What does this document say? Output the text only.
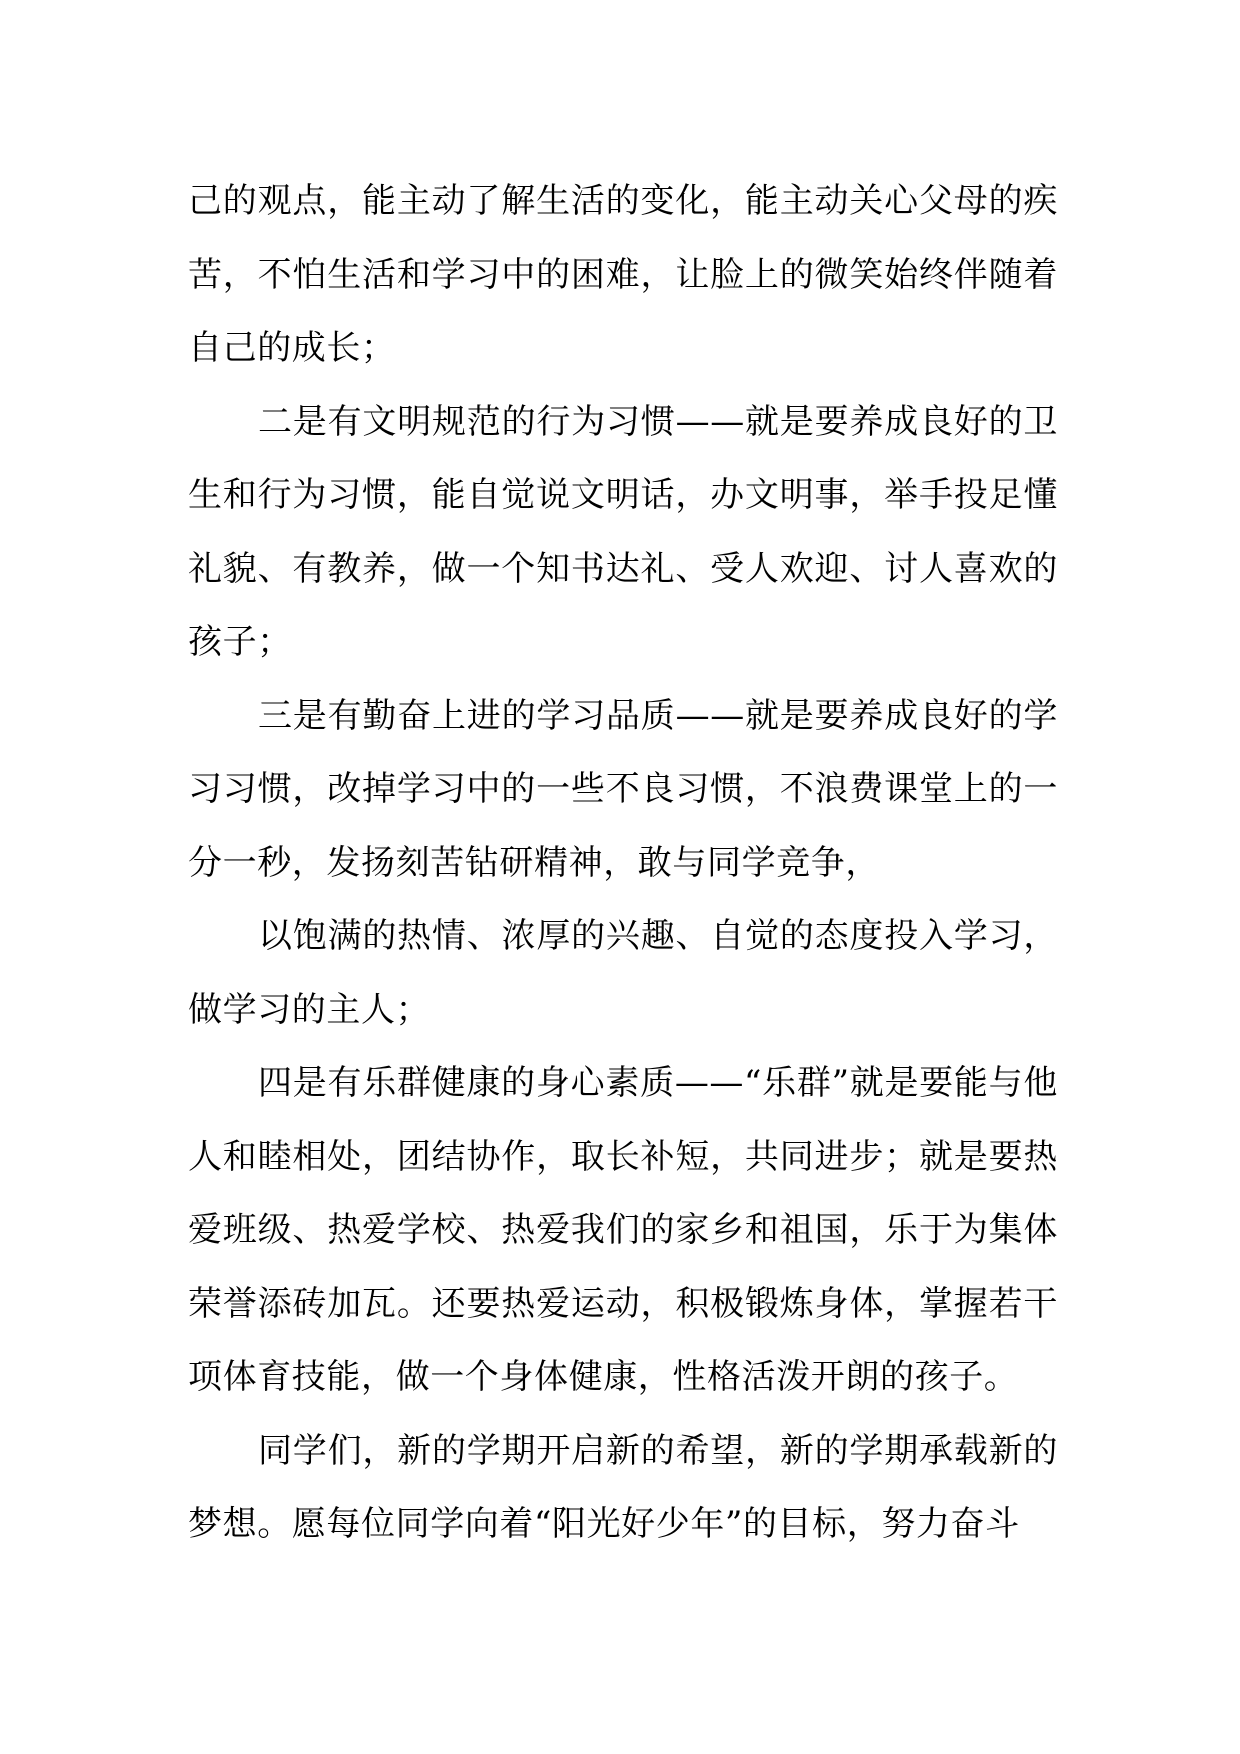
己的观点，能主动了解生活的变化，能主动关心父母的疾苦，不怕生活和学习中的困难，让脸上的微笑始终伴随着自己的成长；

二是有文明规范的行为习惯——就是要养成良好的卫生和行为习惯，能自觉说文明话，办文明事，举手投足懂礼貌、有教养，做一个知书达礼、受人欢迎、讨人喜欢的孩子；

三是有勤奋上进的学习品质——就是要养成良好的学习习惯，改掉学习中的一些不良习惯，不浪费课堂上的一分一秒，发扬刻苦钻研精神，敢与同学竞争，

以饱满的热情、浓厚的兴趣、自觉的态度投入学习，做学习的主人；

四是有乐群健康的身心素质——“乐群”就是要能与他人和睦相处，团结协作，取长补短，共同进步；就是要热爱班级、热爱学校、热爱我们的家乡和祖国，乐于为集体荣誉添砖加瓦。还要热爱运动，积极锻炼身体，掌握若干项体育技能，做一个身体健康，性格活泼开朗的孩子。

同学们，新的学期开启新的希望，新的学期承载新的梦想。愿每位同学向着“阳光好少年”的目标，努力奋斗
